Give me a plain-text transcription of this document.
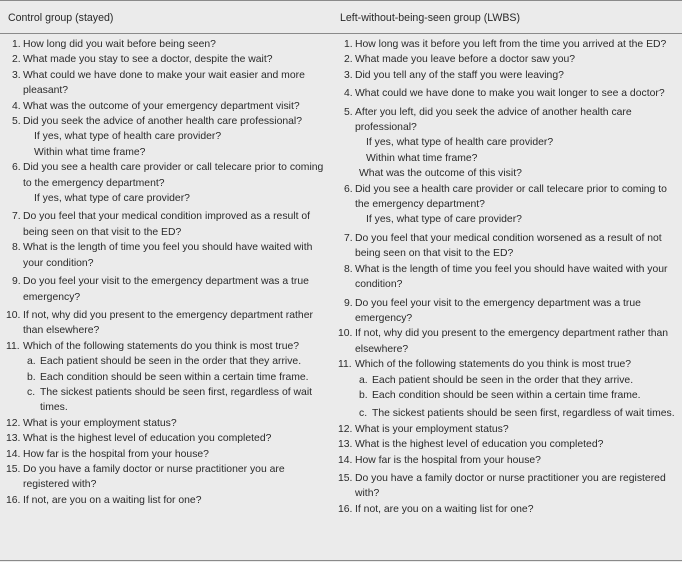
Control group (stayed)	Left-without-being-seen group (LWBS)
1. How long did you wait before being seen?
2. What made you stay to see a doctor, despite the wait?
3. What could we have done to make your wait easier and more pleasant?
4. What was the outcome of your emergency department visit?
5. Did you seek the advice of another health care professional?
If yes, what type of health care provider?
Within what time frame?
6. Did you see a health care provider or call telecare prior to coming to the emergency department?
If yes, what type of care provider?
7. Do you feel that your medical condition improved as a result of being seen on that visit to the ED?
8. What is the length of time you feel you should have waited with your condition?
9. Do you feel your visit to the emergency department was a true emergency?
10. If not, why did you present to the emergency department rather than elsewhere?
11. Which of the following statements do you think is most true?
a. Each patient should be seen in the order that they arrive.
b. Each condition should be seen within a certain time frame.
c. The sickest patients should be seen first, regardless of wait times.
12. What is your employment status?
13. What is the highest level of education you completed?
14. How far is the hospital from your house?
15. Do you have a family doctor or nurse practitioner you are registered with?
16. If not, are you on a waiting list for one?
1. How long was it before you left from the time you arrived at the ED?
2. What made you leave before a doctor saw you?
3. Did you tell any of the staff you were leaving?
4. What could we have done to make you wait longer to see a doctor?
5. After you left, did you seek the advice of another health care professional?
If yes, what type of health care provider?
Within what time frame?
What was the outcome of this visit?
6. Did you see a health care provider or call telecare prior to coming to the emergency department?
If yes, what type of care provider?
7. Do you feel that your medical condition worsened as a result of not being seen on that visit to the ED?
8. What is the length of time you feel you should have waited with your condition?
9. Do you feel your visit to the emergency department was a true emergency?
10. If not, why did you present to the emergency department rather than elsewhere?
11. Which of the following statements do you think is most true?
a. Each patient should be seen in the order that they arrive.
b. Each condition should be seen within a certain time frame.
c. The sickest patients should be seen first, regardless of wait times.
12. What is your employment status?
13. What is the highest level of education you completed?
14. How far is the hospital from your house?
15. Do you have a family doctor or nurse practitioner you are registered with?
16. If not, are you on a waiting list for one?
